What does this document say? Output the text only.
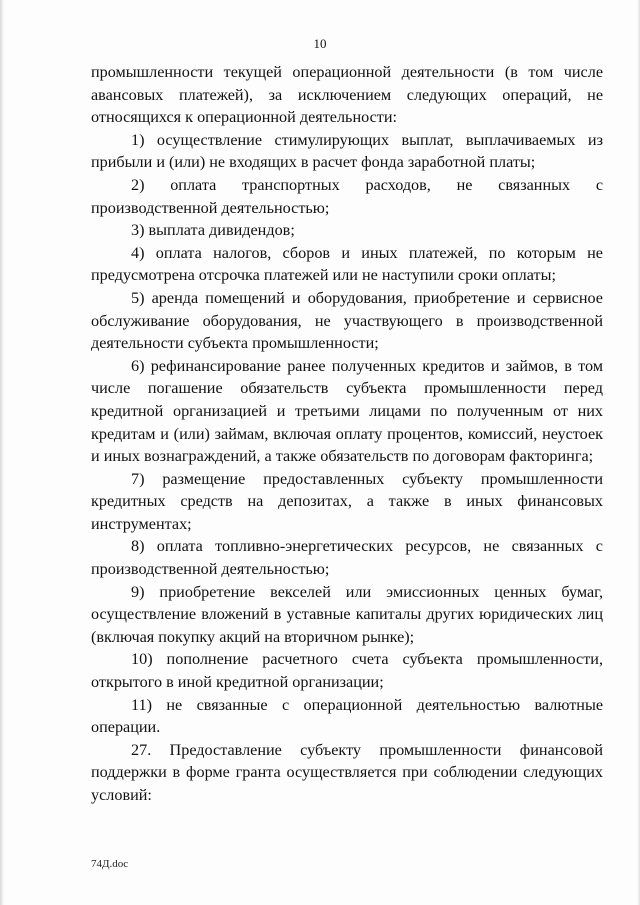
10

промышленности текущей операционной деятельности (в том числе авансовых платежей), за исключением следующих операций, не относящихся к операционной деятельности:

1) осуществление стимулирующих выплат, выплачиваемых из прибыли и (или) не входящих в расчет фонда заработной платы;

2) оплата транспортных расходов, не связанных с производственной деятельностью;

3) выплата дивидендов;

4) оплата налогов, сборов и иных платежей, по которым не предусмотрена отсрочка платежей или не наступили сроки оплаты;

5) аренда помещений и оборудования, приобретение и сервисное обслуживание оборудования, не участвующего в производственной деятельности субъекта промышленности;

6) рефинансирование ранее полученных кредитов и займов, в том числе погашение обязательств субъекта промышленности перед кредитной организацией и третьими лицами по полученным от них кредитам и (или) займам, включая оплату процентов, комиссий, неустоек и иных вознаграждений, а также обязательств по договорам факторинга;

7) размещение предоставленных субъекту промышленности кредитных средств на депозитах, а также в иных финансовых инструментах;

8) оплата топливно-энергетических ресурсов, не связанных с производственной деятельностью;

9) приобретение векселей или эмиссионных ценных бумаг, осуществление вложений в уставные капиталы других юридических лиц (включая покупку акций на вторичном рынке);

10) пополнение расчетного счета субъекта промышленности, открытого в иной кредитной организации;

11) не связанные с операционной деятельностью валютные операции.

27. Предоставление субъекту промышленности финансовой поддержки в форме гранта осуществляется при соблюдении следующих условий:

74Д.doc
